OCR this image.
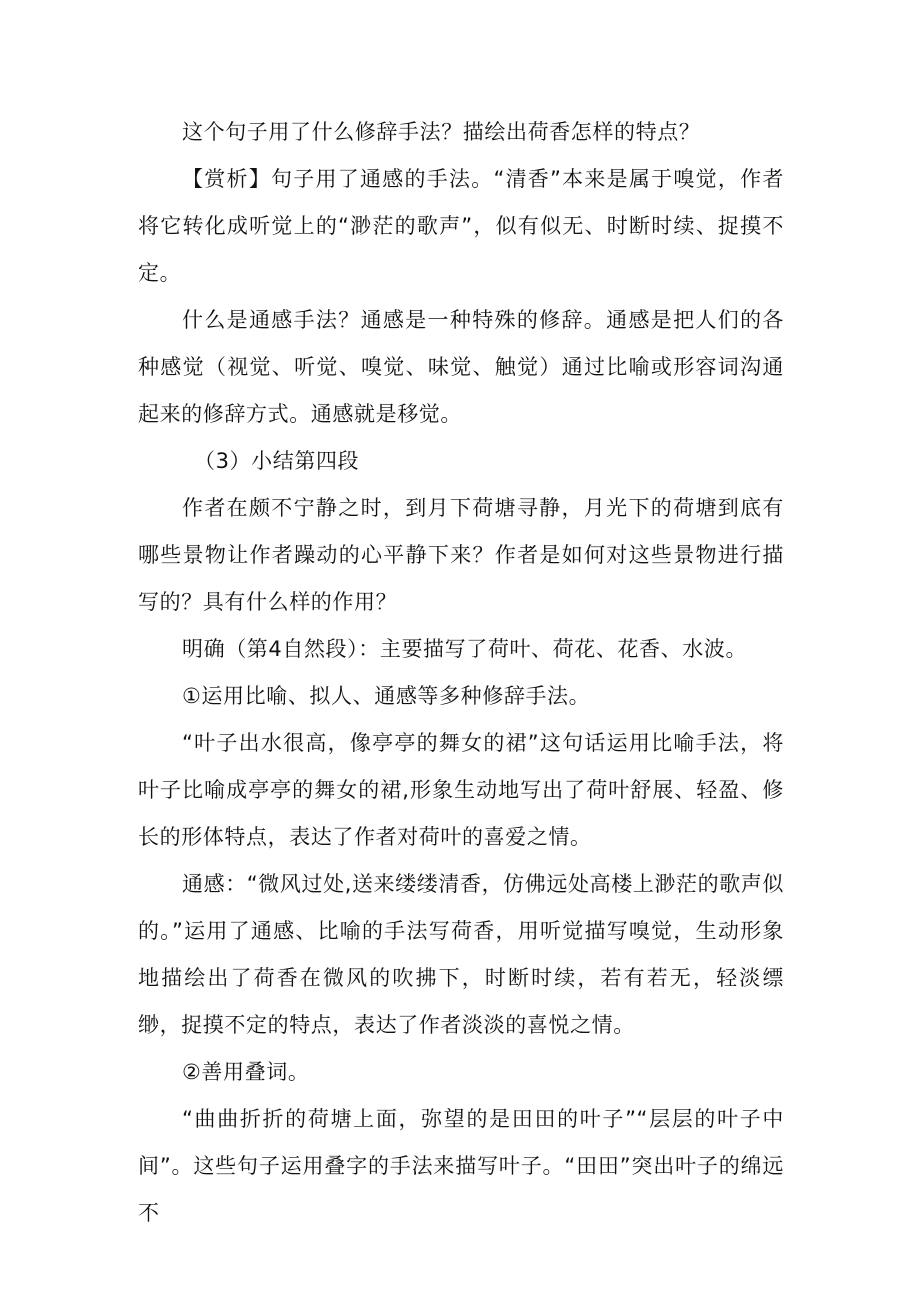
这个句子用了什么修辞手法？描绘出荷香怎样的特点？

【赏析】句子用了通感的手法。“清香”本来是属于嗅觉，作者将它转化成听觉上的“渺茫的歌声”，似有似无、时断时续、捉摸不定。

什么是通感手法？通感是一种特殊的修辞。通感是把人们的各种感觉（视觉、听觉、嗅觉、味觉、触觉）通过比喻或形容词沟通起来的修辞方式。通感就是移觉。

（3）小结第四段

作者在颇不宁静之时，到月下荷塘寻静，月光下的荷塘到底有哪些景物让作者躁动的心平静下来？作者是如何对这些景物进行描写的？具有什么样的作用？

明确（第4自然段）：主要描写了荷叶、荷花、花香、水波。

①运用比喻、拟人、通感等多种修辞手法。

“叶子出水很高，像亭亭的舞女的裙”这句话运用比喻手法，将叶子比喻成亭亭的舞女的裙,形象生动地写出了荷叶舒展、轻盈、修长的形体特点，表达了作者对荷叶的喜爱之情。

通感：“微风过处,送来缕缕清香，仿佛远处高楼上渺茫的歌声似的。”运用了通感、比喻的手法写荷香，用听觉描写嗅觉，生动形象地描绘出了荷香在微风的吹拂下，时断时续，若有若无，轻淡缥缈，捉摸不定的特点，表达了作者淡淡的喜悦之情。

②善用叠词。

“曲曲折折的荷塘上面，弥望的是田田的叶子”“层层的叶子中间”。这些句子运用叠字的手法来描写叶子。“田田”突出叶子的绵远不
